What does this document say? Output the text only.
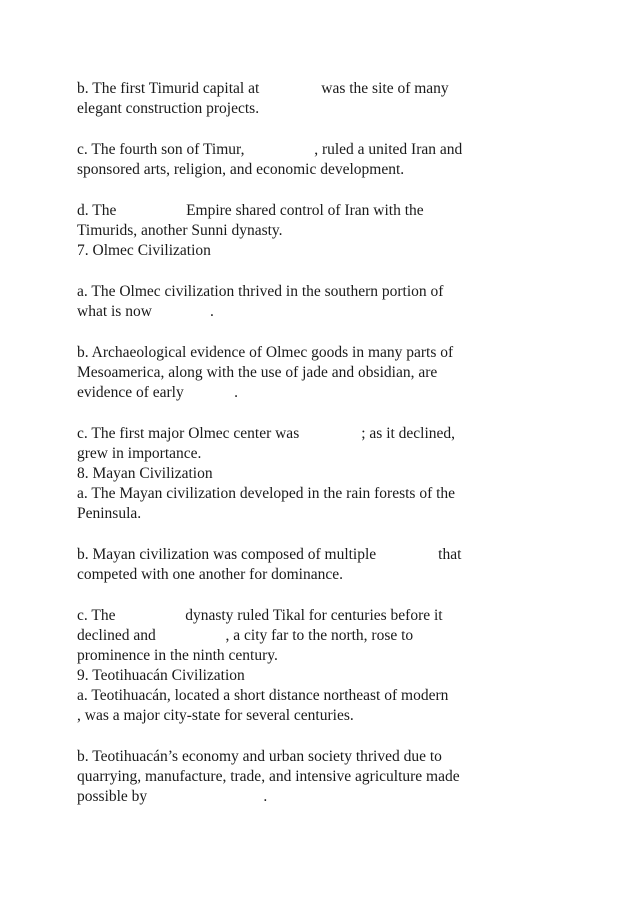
b. The first Timurid capital at                was the site of many
elegant construction projects.
c. The fourth son of Timur,                  , ruled a united Iran and
sponsored arts, religion, and economic development.
d. The                  Empire shared control of Iran with the
Timurids, another Sunni dynasty.
7. Olmec Civilization
a. The Olmec civilization thrived in the southern portion of
what is now               .
b. Archaeological evidence of Olmec goods in many parts of
Mesoamerica, along with the use of jade and obsidian, are
evidence of early             .
c. The first major Olmec center was                ; as it declined,
grew in importance.
8. Mayan Civilization
a. The Mayan civilization developed in the rain forests of the
Peninsula.
b. Mayan civilization was composed of multiple                that
competed with one another for dominance.
c. The                  dynasty ruled Tikal for centuries before it
declined and                  , a city far to the north, rose to
prominence in the ninth century.
9. Teotihuacán Civilization
a. Teotihuacán, located a short distance northeast of modern
, was a major city-state for several centuries.
b. Teotihuacán’s economy and urban society thrived due to
quarrying, manufacture, trade, and intensive agriculture made
possible by                              .
